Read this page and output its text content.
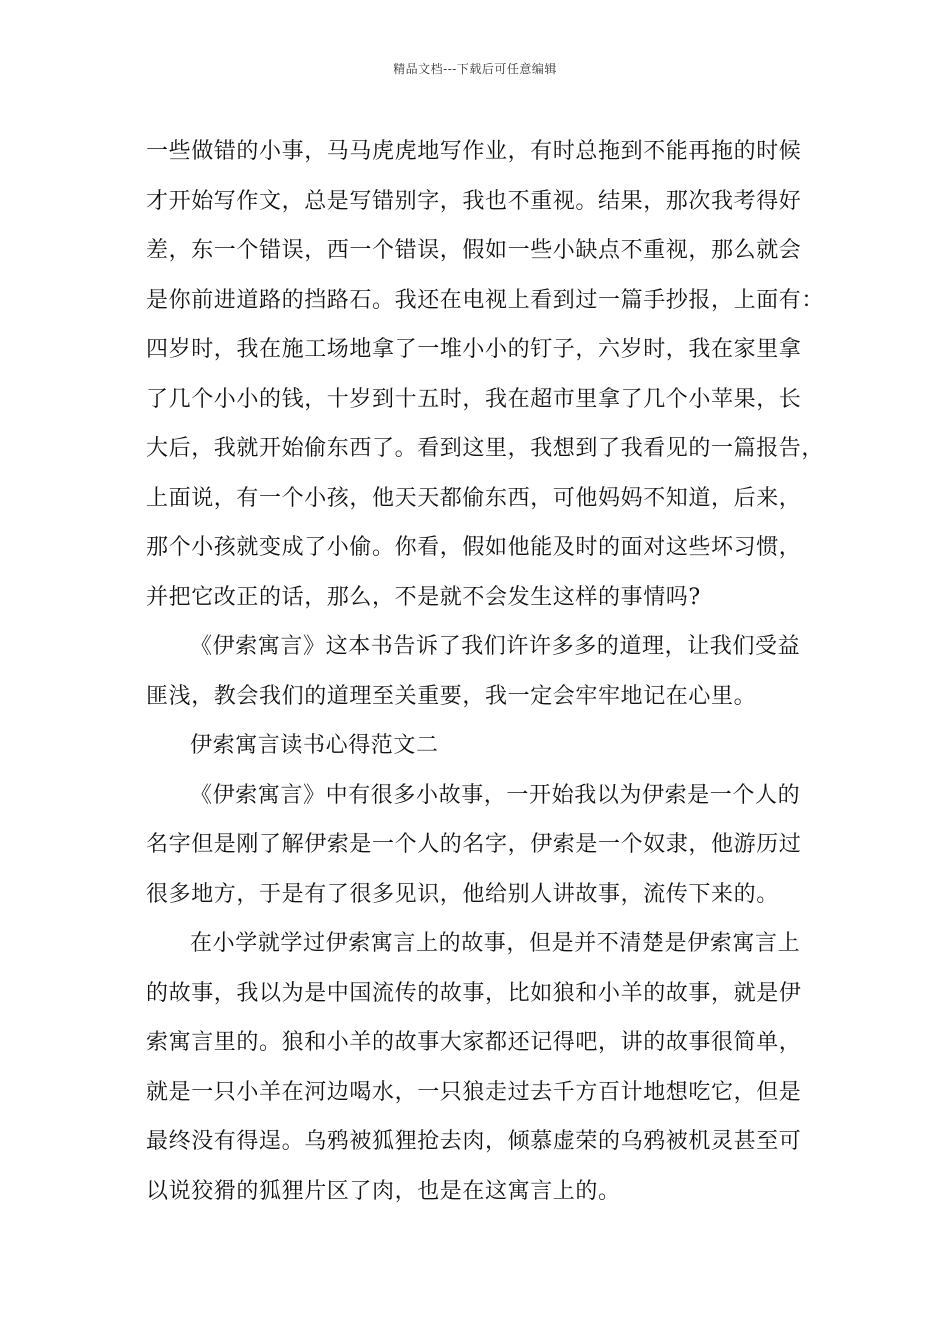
精品文档---下载后可任意编辑
一些做错的小事，马马虎虎地写作业，有时总拖到不能再拖的时候
才开始写作文，总是写错别字，我也不重视。结果，那次我考得好
差，东一个错误，西一个错误，假如一些小缺点不重视，那么就会
是你前进道路的挡路石。我还在电视上看到过一篇手抄报，上面有：
四岁时，我在施工场地拿了一堆小小的钉子，六岁时，我在家里拿
了几个小小的钱，十岁到十五时，我在超市里拿了几个小苹果，长
大后，我就开始偷东西了。看到这里，我想到了我看见的一篇报告，
上面说，有一个小孩，他天天都偷东西，可他妈妈不知道，后来，
那个小孩就变成了小偷。你看，假如他能及时的面对这些坏习惯，
并把它改正的话，那么，不是就不会发生这样的事情吗?
《伊索寓言》这本书告诉了我们许许多多的道理，让我们受益
匪浅，教会我们的道理至关重要，我一定会牢牢地记在心里。
伊索寓言读书心得范文二
《伊索寓言》中有很多小故事，一开始我以为伊索是一个人的
名字但是刚了解伊索是一个人的名字，伊索是一个奴隶，他游历过
很多地方，于是有了很多见识，他给别人讲故事，流传下来的。
在小学就学过伊索寓言上的故事，但是并不清楚是伊索寓言上
的故事，我以为是中国流传的故事，比如狼和小羊的故事，就是伊
索寓言里的。狼和小羊的故事大家都还记得吧，讲的故事很简单，
就是一只小羊在河边喝水，一只狼走过去千方百计地想吃它，但是
最终没有得逞。乌鸦被狐狸抢去肉，倾慕虚荣的乌鸦被机灵甚至可
以说狡猾的狐狸片区了肉，也是在这寓言上的。
